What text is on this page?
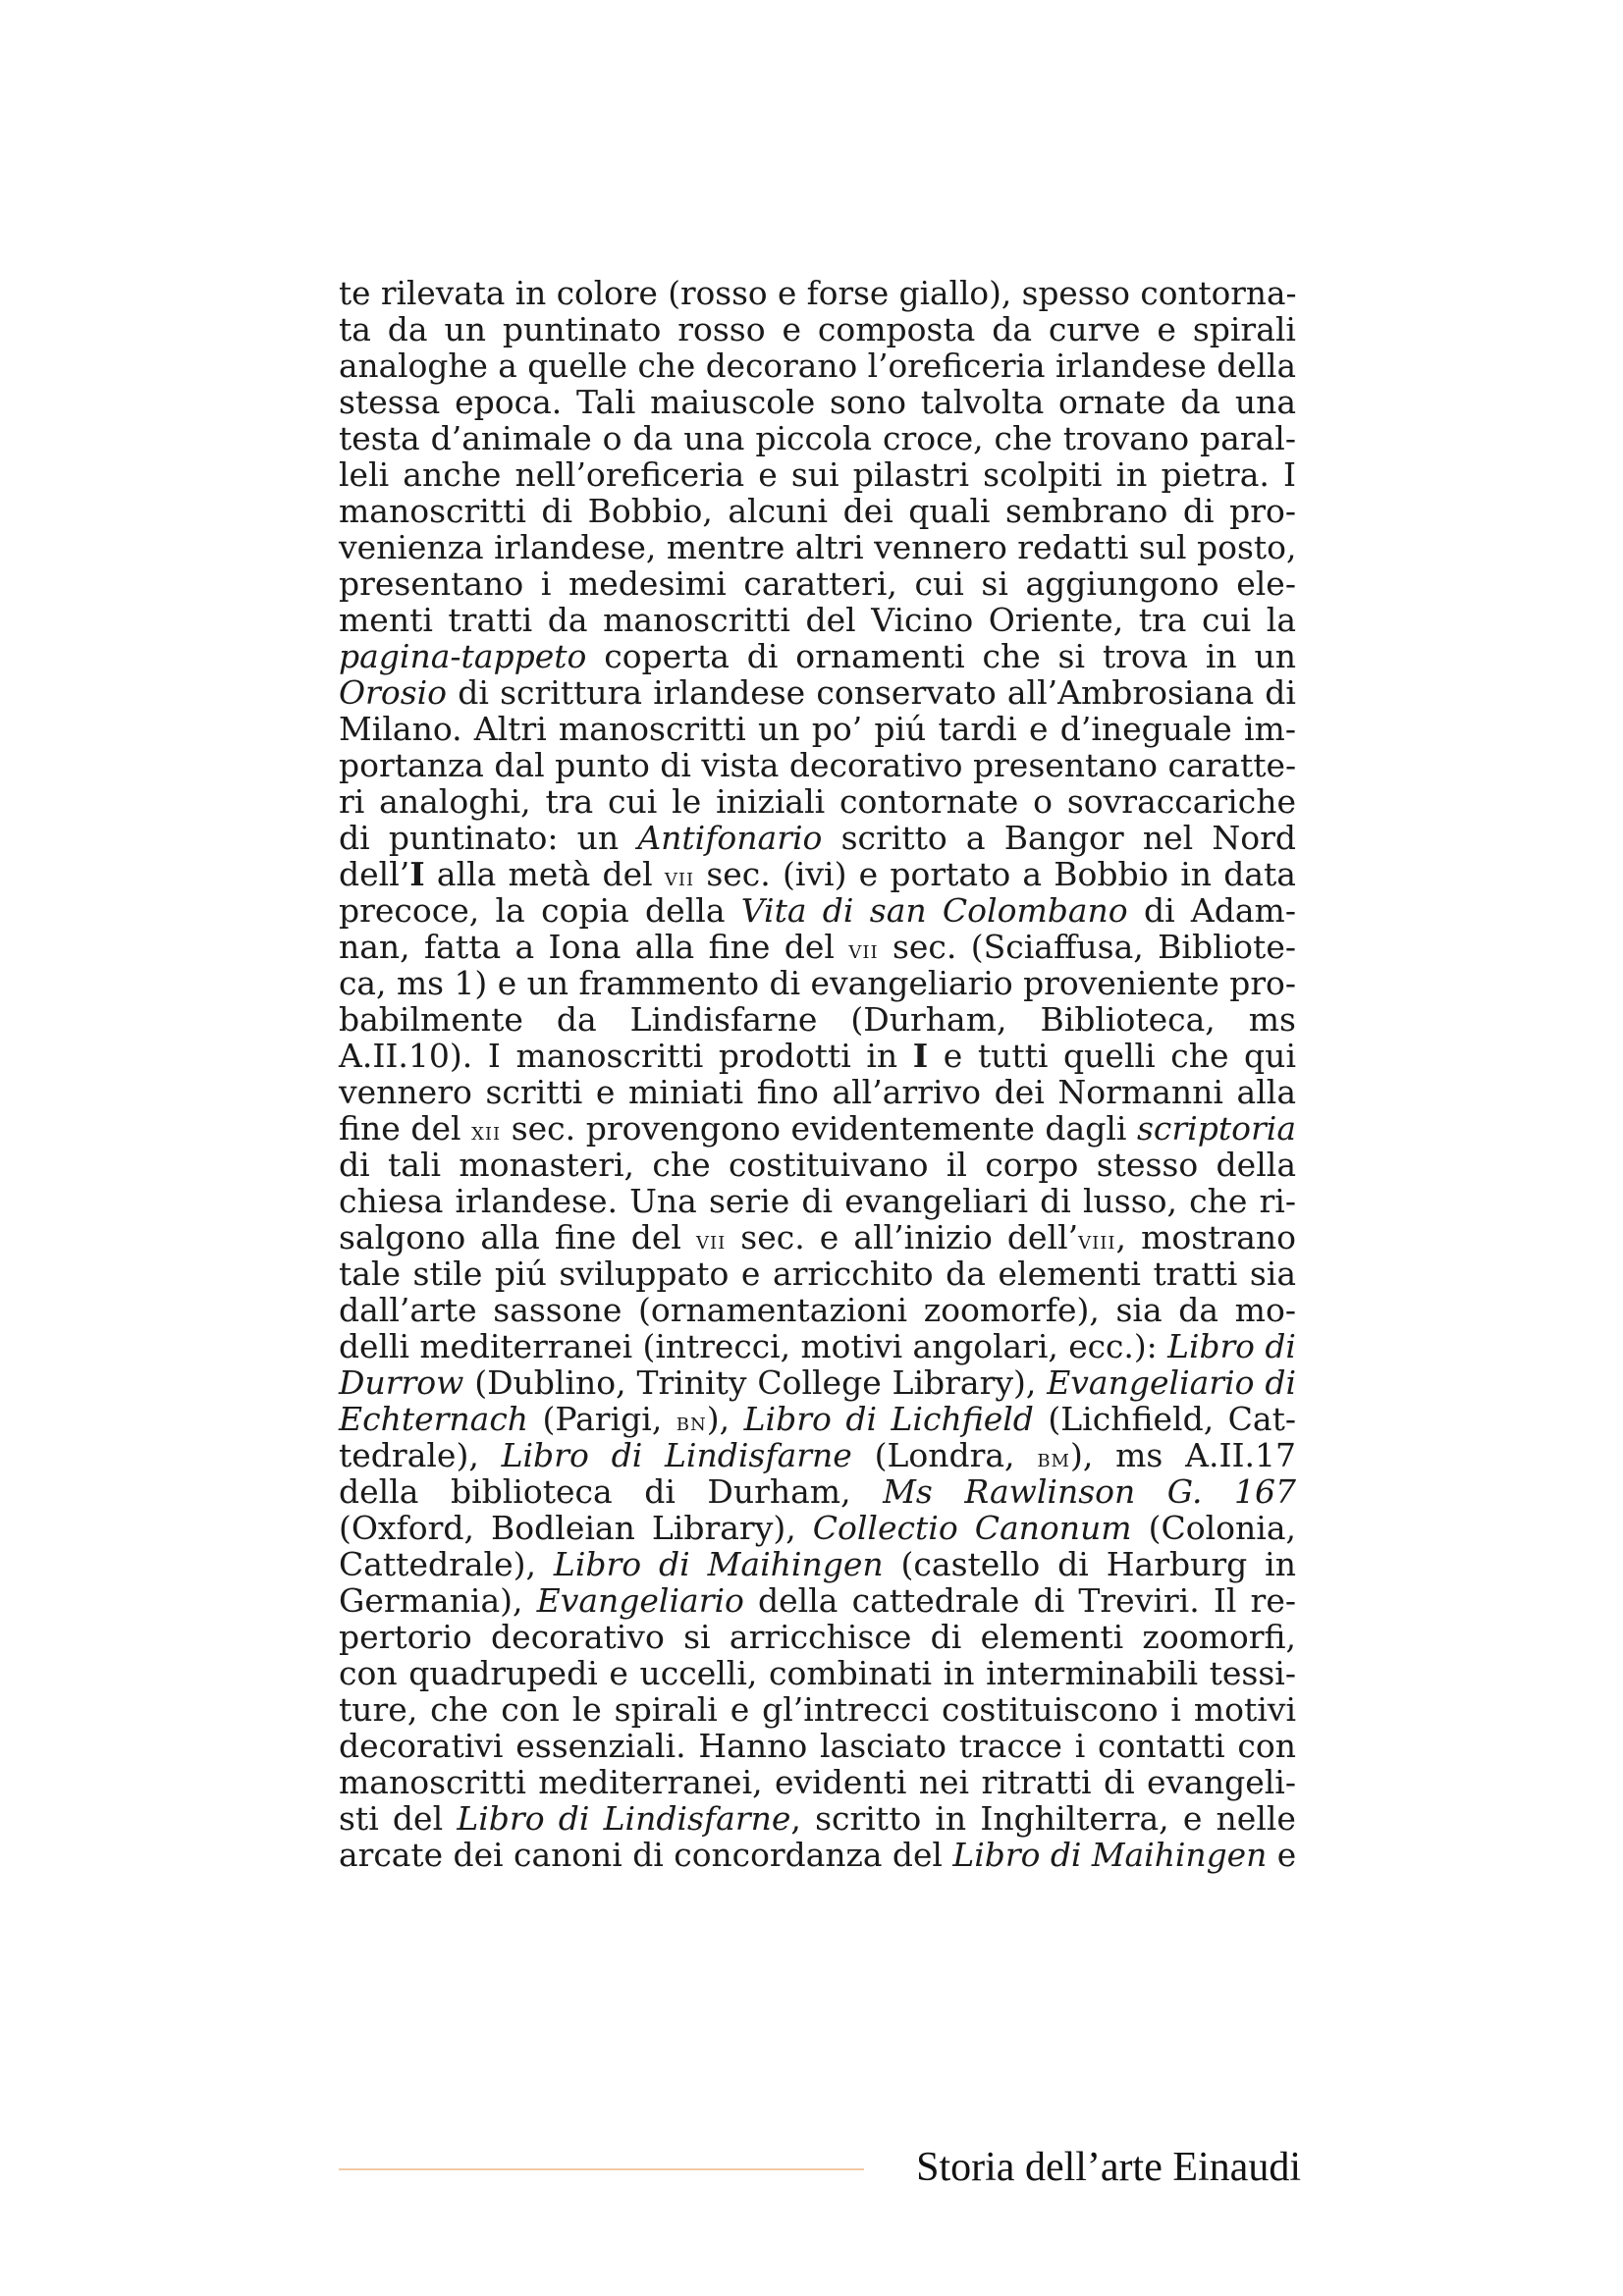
te rilevata in colore (rosso e forse giallo), spesso contorna-
ta da un puntinato rosso e composta da curve e spirali
analoghe a quelle che decorano l’oreficeria irlandese della
stessa epoca. Tali maiuscole sono talvolta ornate da una
testa d’animale o da una piccola croce, che trovano paral-
leli anche nell’oreficeria e sui pilastri scolpiti in pietra. I
manoscritti di Bobbio, alcuni dei quali sembrano di pro-
venienza irlandese, mentre altri vennero redatti sul posto,
presentano i medesimi caratteri, cui si aggiungono ele-
menti tratti da manoscritti del Vicino Oriente, tra cui la
pagina-tappeto coperta di ornamenti che si trova in un
Orosio di scrittura irlandese conservato all’Ambrosiana di
Milano. Altri manoscritti un po’ piú tardi e d’ineguale im-
portanza dal punto di vista decorativo presentano caratte-
ri analoghi, tra cui le iniziali contornate o sovraccariche
di puntinato: un Antifonario scritto a Bangor nel Nord
dell’I alla metà del vii sec. (ivi) e portato a Bobbio in data
precoce, la copia della Vita di san Colombano di Adam-
nan, fatta a Iona alla fine del vii sec. (Sciaffusa, Bibliote-
ca, ms 1) e un frammento di evangeliario proveniente pro-
babilmente da Lindisfarne (Durham, Biblioteca, ms
A.II.10). I manoscritti prodotti in I e tutti quelli che qui
vennero scritti e miniati fino all’arrivo dei Normanni alla
fine del xii sec. provengono evidentemente dagli scriptoria
di tali monasteri, che costituivano il corpo stesso della
chiesa irlandese. Una serie di evangeliari di lusso, che ri-
salgono alla fine del vii sec. e all’inizio dell’viii, mostrano
tale stile piú sviluppato e arricchito da elementi tratti sia
dall’arte sassone (ornamentazioni zoomorfe), sia da mo-
delli mediterranei (intrecci, motivi angolari, ecc.): Libro di
Durrow (Dublino, Trinity College Library), Evangeliario di
Echternach (Parigi, bn), Libro di Lichfield (Lichfield, Cat-
tedrale), Libro di Lindisfarne (Londra, bm), ms A.II.17
della biblioteca di Durham, Ms Rawlinson G. 167
(Oxford, Bodleian Library), Collectio Canonum (Colonia,
Cattedrale), Libro di Maihingen (castello di Harburg in
Germania), Evangeliario della cattedrale di Treviri. Il re-
pertorio decorativo si arricchisce di elementi zoomorfi,
con quadrupedi e uccelli, combinati in interminabili tessi-
ture, che con le spirali e gl’intrecci costituiscono i motivi
decorativi essenziali. Hanno lasciato tracce i contatti con
manoscritti mediterranei, evidenti nei ritratti di evangeli-
sti del Libro di Lindisfarne, scritto in Inghilterra, e nelle
arcate dei canoni di concordanza del Libro di Maihingen e
Storia dell’arte Einaudi
